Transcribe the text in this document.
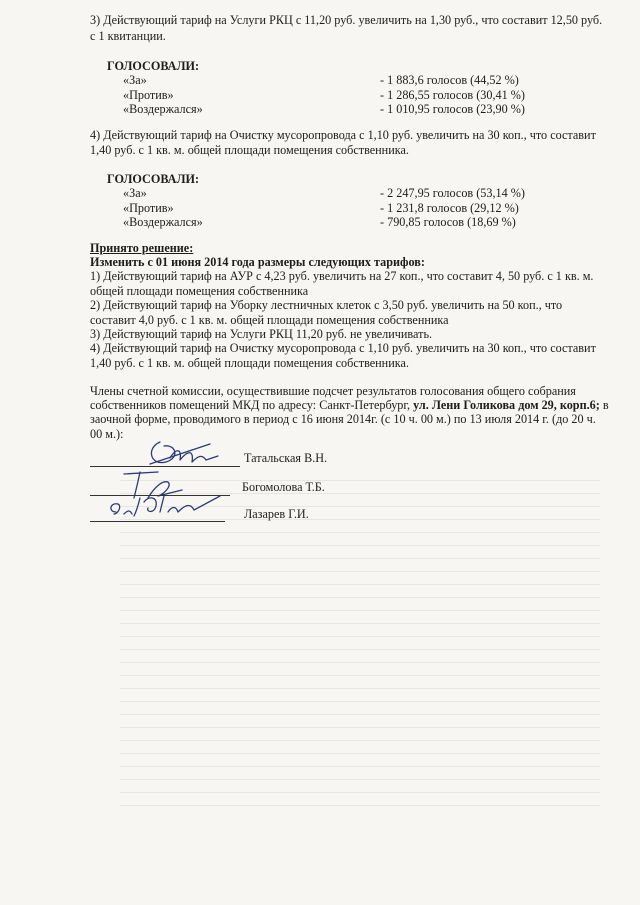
3) Действующий тариф на Услуги РКЦ с 11,20 руб. увеличить на 1,30 руб., что составит 12,50 руб.
с 1 квитанции.
ГОЛОСОВАЛИ:
«За»	- 1 883,6 голосов (44,52 %)
«Против»	- 1 286,55 голосов (30,41 %)
«Воздержался»	- 1 010,95 голосов (23,90 %)
4) Действующий тариф на Очистку мусоропровода с 1,10 руб. увеличить на 30 коп., что составит
1,40 руб. с 1 кв. м. общей площади помещения собственника.
ГОЛОСОВАЛИ:
«За»	- 2 247,95 голосов (53,14 %)
«Против»	- 1 231,8 голосов (29,12 %)
«Воздержался»	- 790,85 голосов (18,69 %)
Принято решение:
Изменить с 01 июня 2014 года размеры следующих тарифов:
1) Действующий тариф на АУР с 4,23 руб. увеличить на 27 коп., что составит 4, 50 руб. с 1 кв. м.
общей площади помещения собственника
2) Действующий тариф на Уборку лестничных клеток с 3,50 руб. увеличить на 50 коп., что
составит 4,0 руб. с 1 кв. м. общей площади помещения собственника
3) Действующий тариф на Услуги РКЦ 11,20 руб. не увеличивать.
4) Действующий тариф на Очистку мусоропровода с 1,10 руб. увеличить на 30 коп., что составит
1,40 руб. с 1 кв. м. общей площади помещения собственника.
Члены счетной комиссии, осуществившие подсчет результатов голосования общего собрания
собственников помещений МКД по адресу: Санкт-Петербург, ул. Лени Голикова дом 29, корп.6; в
заочной форме, проводимого в период с 16 июня 2014г. (с 10 ч. 00 м.) по 13 июля 2014 г. (до 20 ч.
00 м.):
Татальская В.Н.
Богомолова Т.Б.
Лазарев Г.И.
